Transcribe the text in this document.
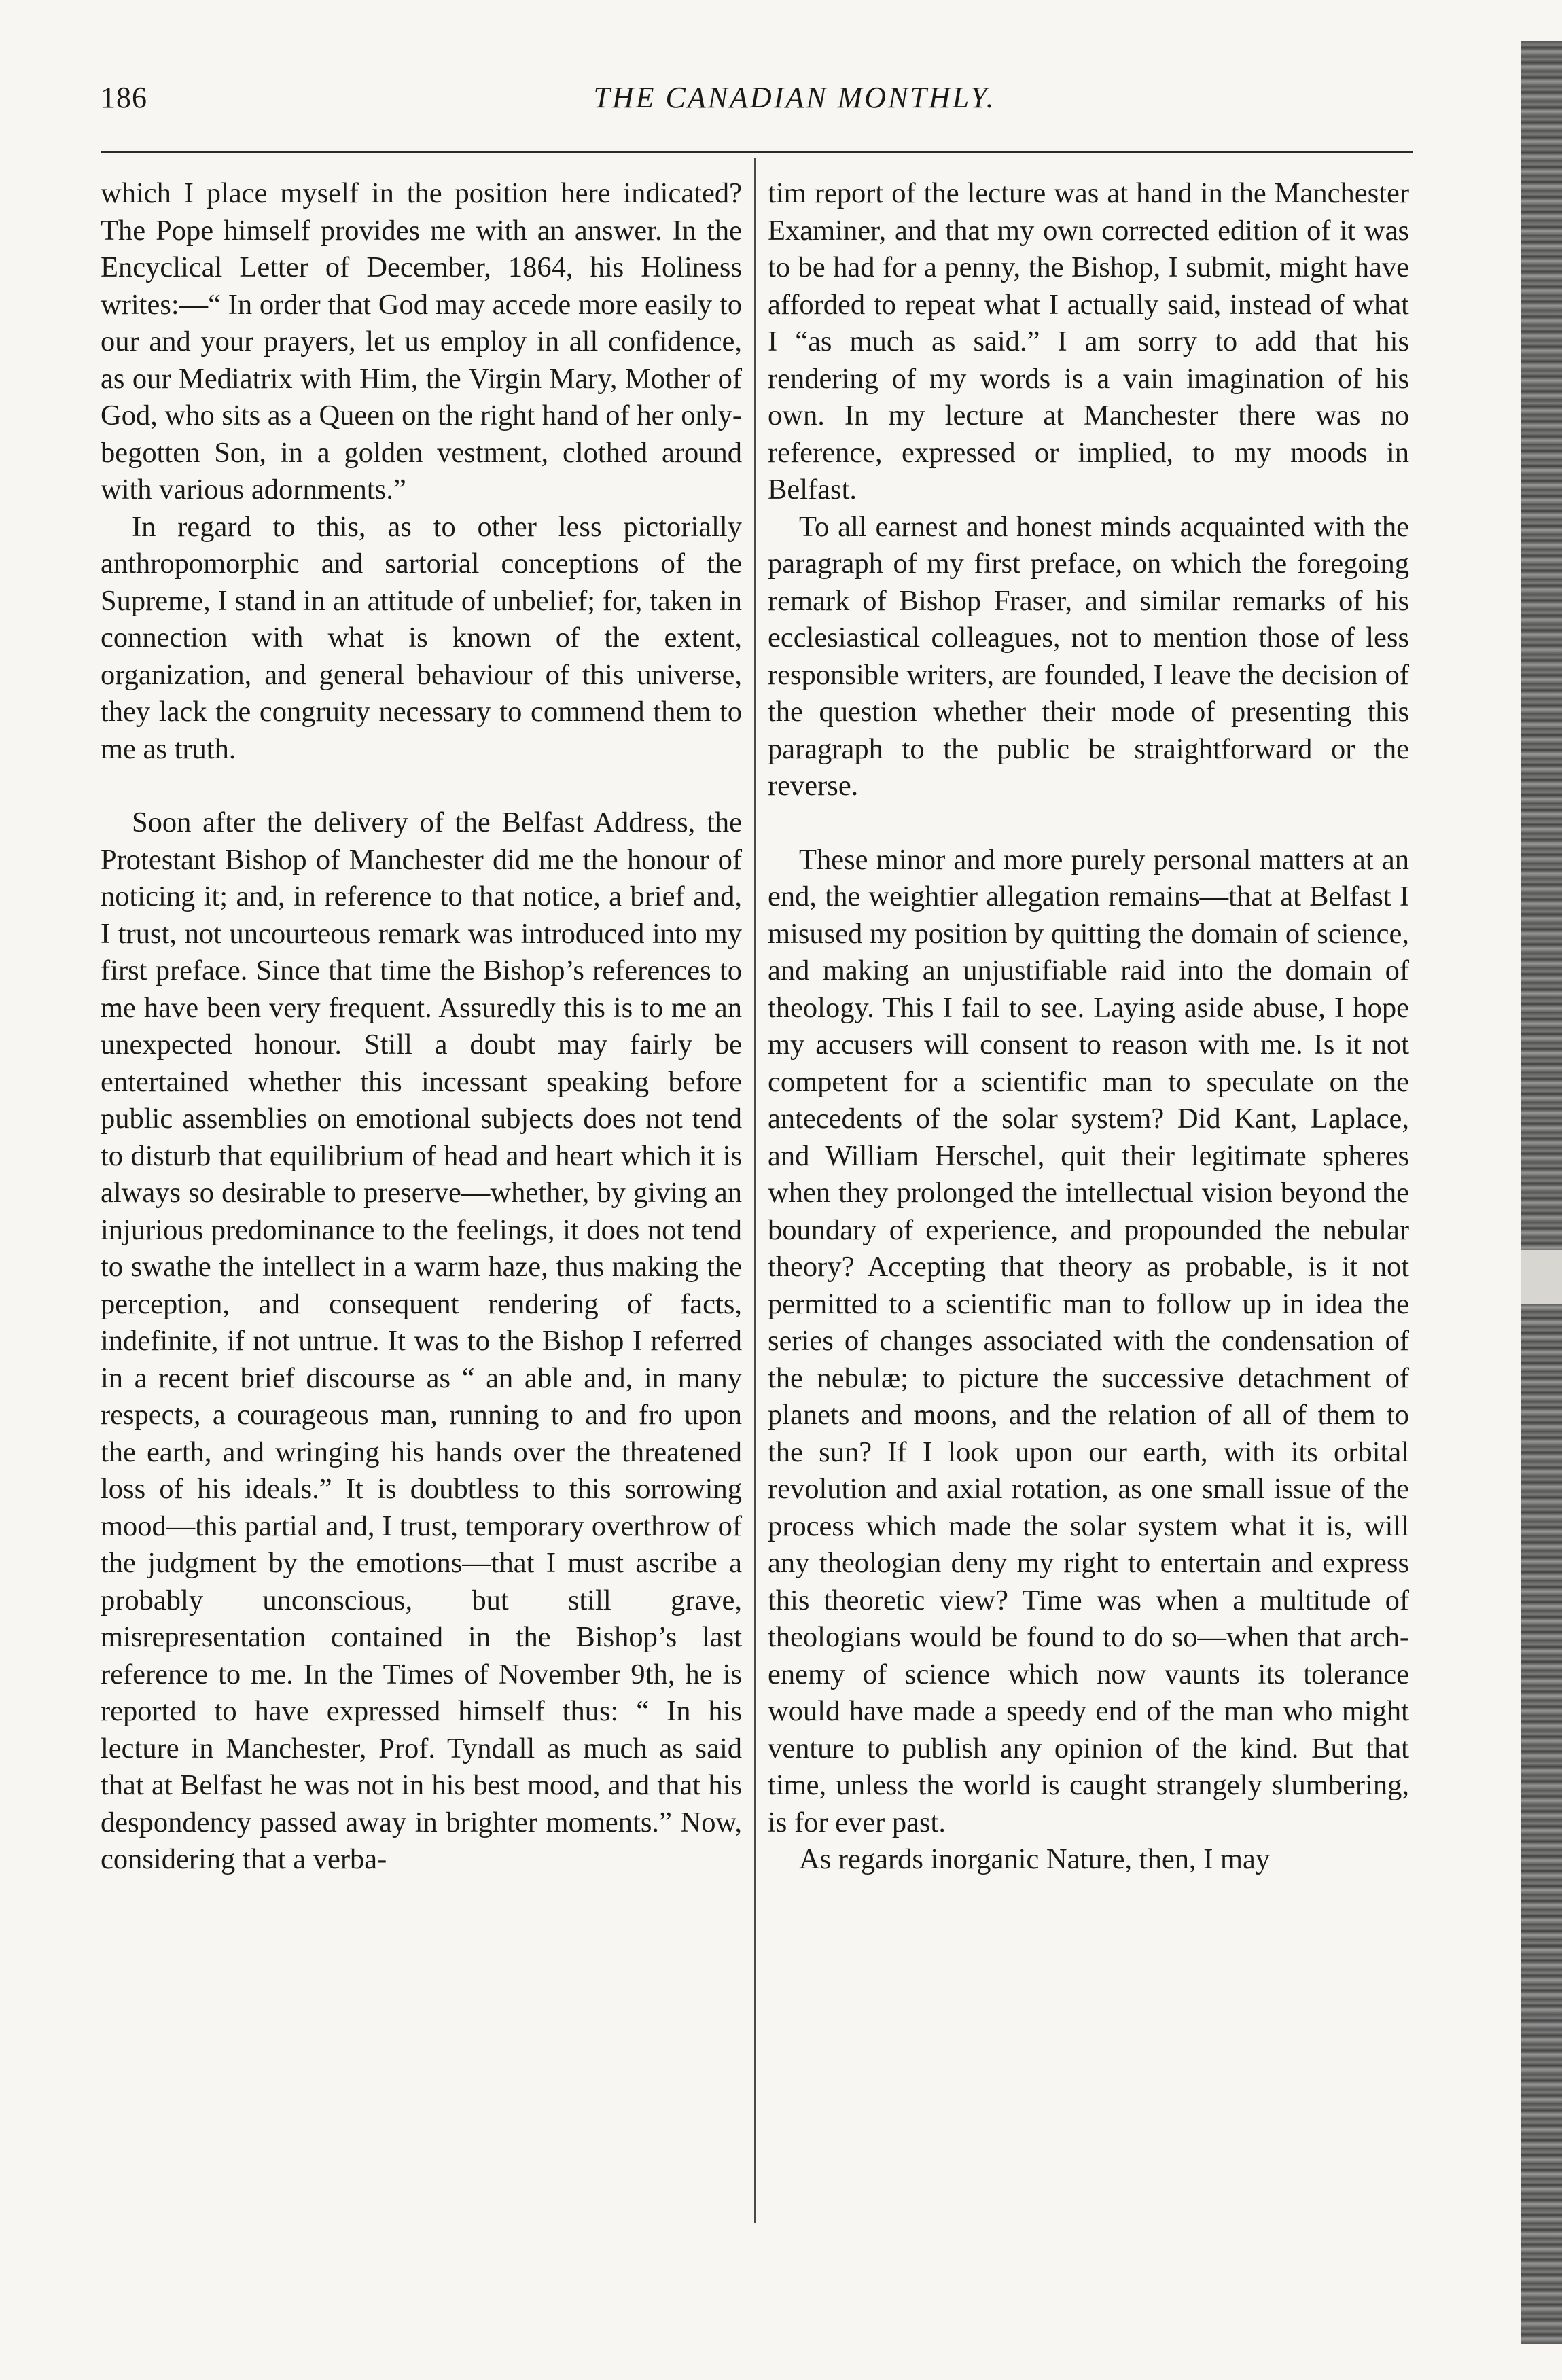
186	THE CANADIAN MONTHLY.

which I place myself in the position here indicated? The Pope himself provides me with an answer. In the Encyclical Letter of December, 1864, his Holiness writes:—“ In order that God may accede more easily to our and your prayers, let us employ in all confidence, as our Mediatrix with Him, the Virgin Mary, Mother of God, who sits as a Queen on the right hand of her only-begotten Son, in a golden vestment, clothed around with various adornments.”

In regard to this, as to other less pictorially anthropomorphic and sartorial conceptions of the Supreme, I stand in an attitude of unbelief; for, taken in connection with what is known of the extent, organization, and general behaviour of this universe, they lack the congruity necessary to commend them to me as truth.

Soon after the delivery of the Belfast Address, the Protestant Bishop of Manchester did me the honour of noticing it; and, in reference to that notice, a brief and, I trust, not uncourteous remark was introduced into my first preface. Since that time the Bishop’s references to me have been very frequent. Assuredly this is to me an unexpected honour. Still a doubt may fairly be entertained whether this incessant speaking before public assemblies on emotional subjects does not tend to disturb that equilibrium of head and heart which it is always so desirable to preserve—whether, by giving an injurious predominance to the feelings, it does not tend to swathe the intellect in a warm haze, thus making the perception, and consequent rendering of facts, indefinite, if not untrue. It was to the Bishop I referred in a recent brief discourse as “ an able and, in many respects, a courageous man, running to and fro upon the earth, and wringing his hands over the threatened loss of his ideals.” It is doubtless to this sorrowing mood—this partial and, I trust, temporary overthrow of the judgment by the emotions—that I must ascribe a probably unconscious, but still grave, misrepresentation contained in the Bishop’s last reference to me. In the Times of November 9th, he is reported to have expressed himself thus: “ In his lecture in Manchester, Prof. Tyndall as much as said that at Belfast he was not in his best mood, and that his despondency passed away in brighter moments.” Now, considering that a verba-

tim report of the lecture was at hand in the Manchester Examiner, and that my own corrected edition of it was to be had for a penny, the Bishop, I submit, might have afforded to repeat what I actually said, instead of what I “as much as said.” I am sorry to add that his rendering of my words is a vain imagination of his own. In my lecture at Manchester there was no reference, expressed or implied, to my moods in Belfast.

To all earnest and honest minds acquainted with the paragraph of my first preface, on which the foregoing remark of Bishop Fraser, and similar remarks of his ecclesiastical colleagues, not to mention those of less responsible writers, are founded, I leave the decision of the question whether their mode of presenting this paragraph to the public be straightforward or the reverse.

These minor and more purely personal matters at an end, the weightier allegation remains—that at Belfast I misused my position by quitting the domain of science, and making an unjustifiable raid into the domain of theology. This I fail to see. Laying aside abuse, I hope my accusers will consent to reason with me. Is it not competent for a scientific man to speculate on the antecedents of the solar system? Did Kant, Laplace, and William Herschel, quit their legitimate spheres when they prolonged the intellectual vision beyond the boundary of experience, and propounded the nebular theory? Accepting that theory as probable, is it not permitted to a scientific man to follow up in idea the series of changes associated with the condensation of the nebulæ; to picture the successive detachment of planets and moons, and the relation of all of them to the sun? If I look upon our earth, with its orbital revolution and axial rotation, as one small issue of the process which made the solar system what it is, will any theologian deny my right to entertain and express this theoretic view? Time was when a multitude of theologians would be found to do so—when that arch-enemy of science which now vaunts its tolerance would have made a speedy end of the man who might venture to publish any opinion of the kind. But that time, unless the world is caught strangely slumbering, is for ever past.

As regards inorganic Nature, then, I may
